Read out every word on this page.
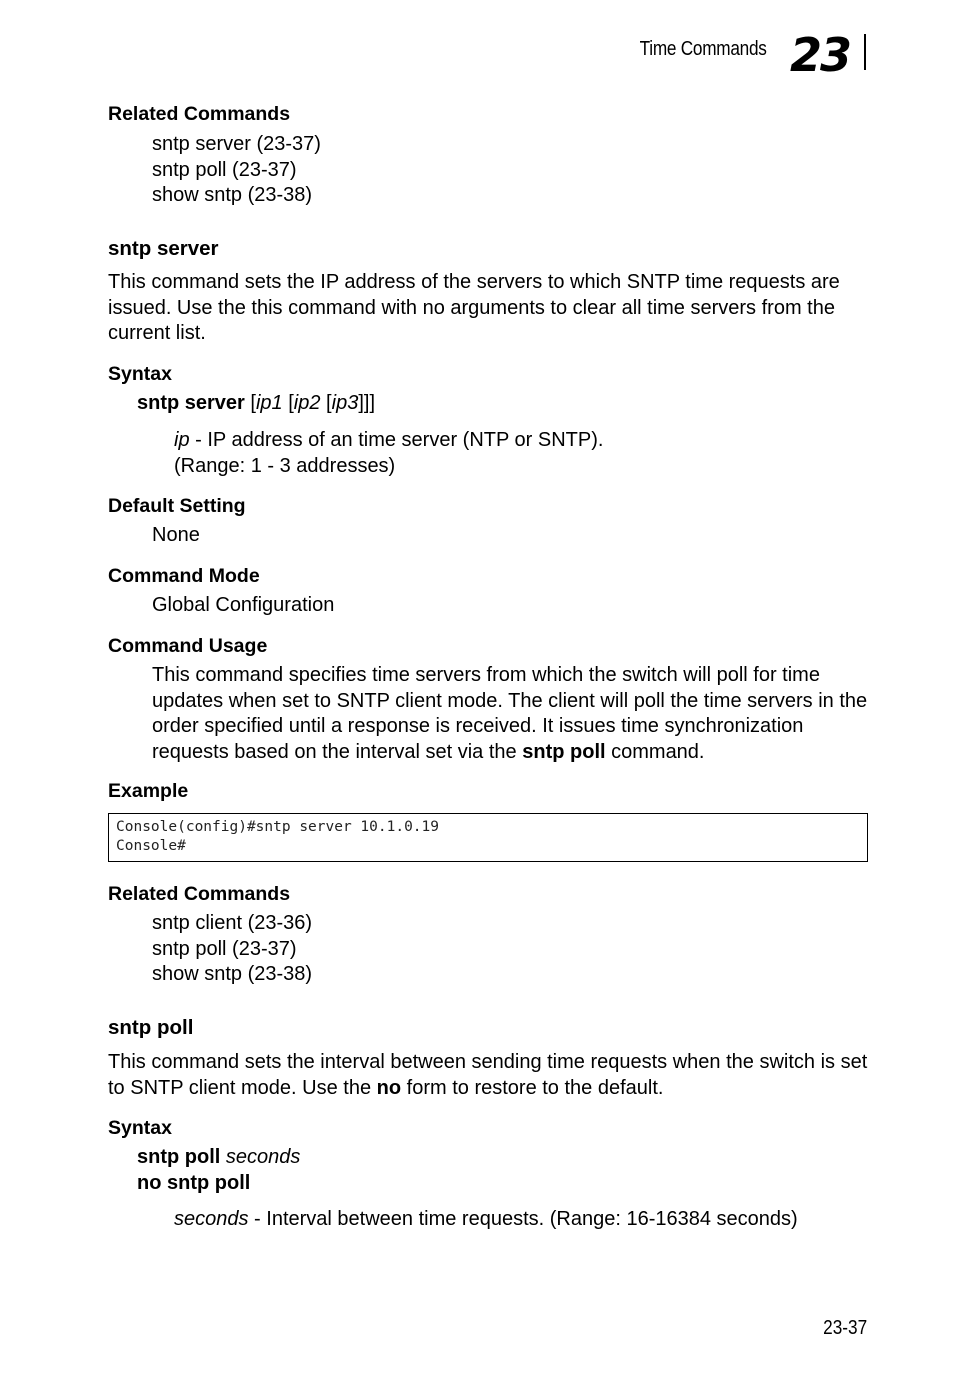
Time Commands 23
Related Commands
sntp server (23-37)
sntp poll (23-37)
show sntp (23-38)
sntp server
This command sets the IP address of the servers to which SNTP time requests are issued. Use the this command with no arguments to clear all time servers from the current list.
Syntax
sntp server [ip1 [ip2 [ip3]]]
ip - IP address of an time server (NTP or SNTP).
(Range: 1 - 3 addresses)
Default Setting
None
Command Mode
Global Configuration
Command Usage
This command specifies time servers from which the switch will poll for time updates when set to SNTP client mode. The client will poll the time servers in the order specified until a response is received. It issues time synchronization requests based on the interval set via the sntp poll command.
Example
Console(config)#sntp server 10.1.0.19
Console#
Related Commands
sntp client (23-36)
sntp poll (23-37)
show sntp (23-38)
sntp poll
This command sets the interval between sending time requests when the switch is set to SNTP client mode. Use the no form to restore to the default.
Syntax
sntp poll seconds
no sntp poll
seconds - Interval between time requests. (Range: 16-16384 seconds)
23-37
